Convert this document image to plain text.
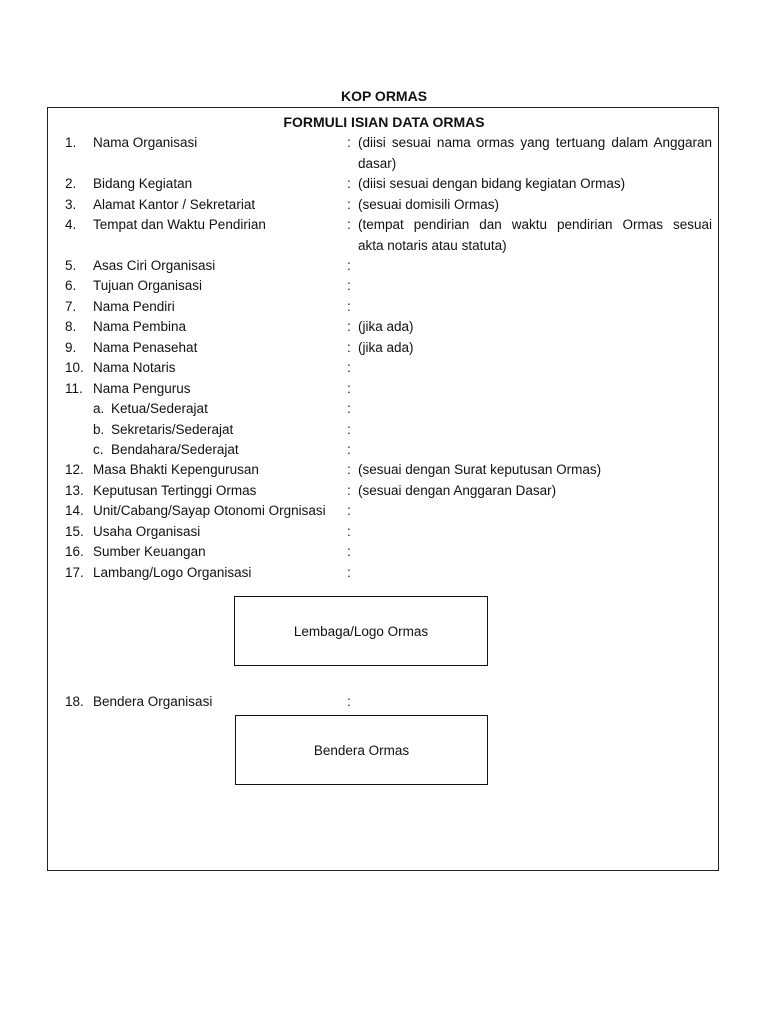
KOP ORMAS
FORMULI ISIAN DATA ORMAS
1. Nama Organisasi	: (diisi sesuai nama ormas yang tertuang dalam Anggaran
dasar)
2. Bidang Kegiatan	: (diisi sesuai dengan bidang kegiatan Ormas)
3. Alamat Kantor / Sekretariat	: (sesuai domisili Ormas)
4. Tempat dan Waktu Pendirian	: (tempat pendirian dan waktu pendirian Ormas sesuai
akta notaris atau statuta)
5. Asas Ciri Organisasi	:
6. Tujuan Organisasi	:
7. Nama Pendiri	:
8. Nama Pembina	: (jika ada)
9. Nama Penasehat	: (jika ada)
10. Nama Notaris	:
11. Nama Pengurus	:
a. Ketua/Sederajat	:
b. Sekretaris/Sederajat	:
c. Bendahara/Sederajat	:
12. Masa Bhakti Kepengurusan	: (sesuai dengan Surat keputusan Ormas)
13. Keputusan Tertinggi Ormas	: (sesuai dengan Anggaran Dasar)
14. Unit/Cabang/Sayap Otonomi Orgnisasi :
15. Usaha Organisasi	:
16. Sumber Keuangan	:
17. Lambang/Logo Organisasi	:
18. Bendera Organisasi	:
Lembaga/Logo Ormas
Bendera Ormas
